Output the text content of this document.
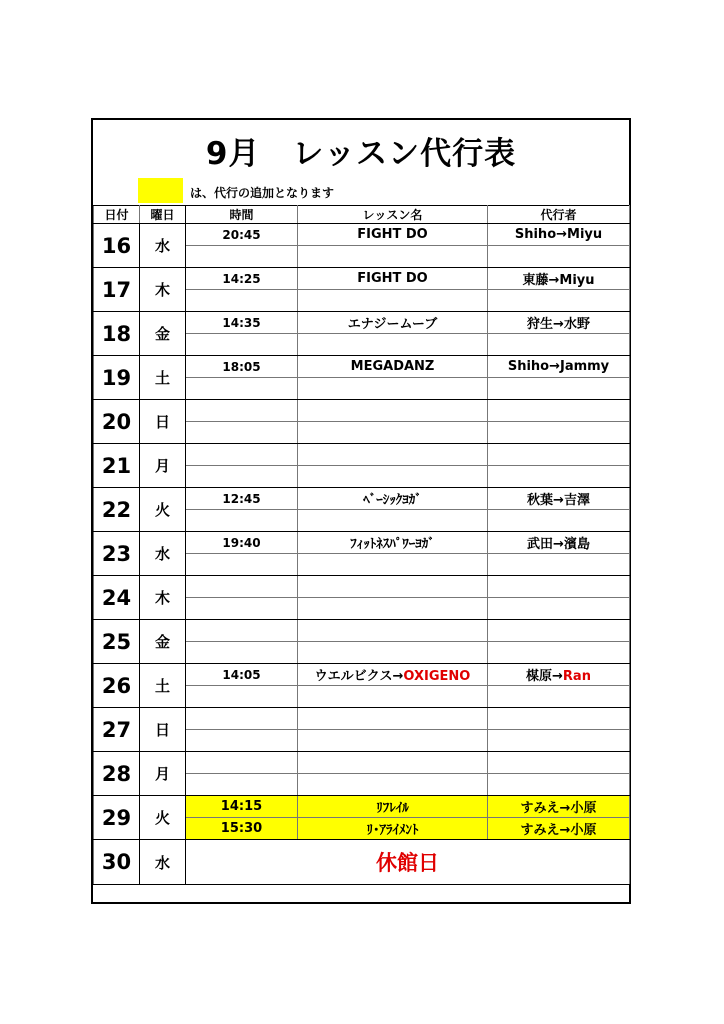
9月　レッスン代行表
は、代行の追加となります
日付	曜日	時間	レッスン名	代行者
16	水	20:45	FIGHT DO	Shiho→Miyu

17	木	14:25	FIGHT DO	東藤→Miyu

18	金	14:35	エナジームーブ	狩生→水野

19	土	18:05	MEGADANZ	Shiho→Jammy

20	日			

21	月			

22	火	12:45	ﾍﾞｰｼｯｸﾖｶﾞ	秋葉→吉澤

23	水	19:40	ﾌｨｯﾄﾈｽﾊﾟﾜｰﾖｶﾞ	武田→濱島

24	木			

25	金			

26	土	14:05	ウエルビクス→OXIGENO	楳原→Ran

27	日			

28	月			

29	火	14:15	ﾘﾌﾚｲﾙ	すみえ→小原
		15:30	ﾘ･ｱﾗｲﾒﾝﾄ	すみえ→小原
30	水	休館日		
